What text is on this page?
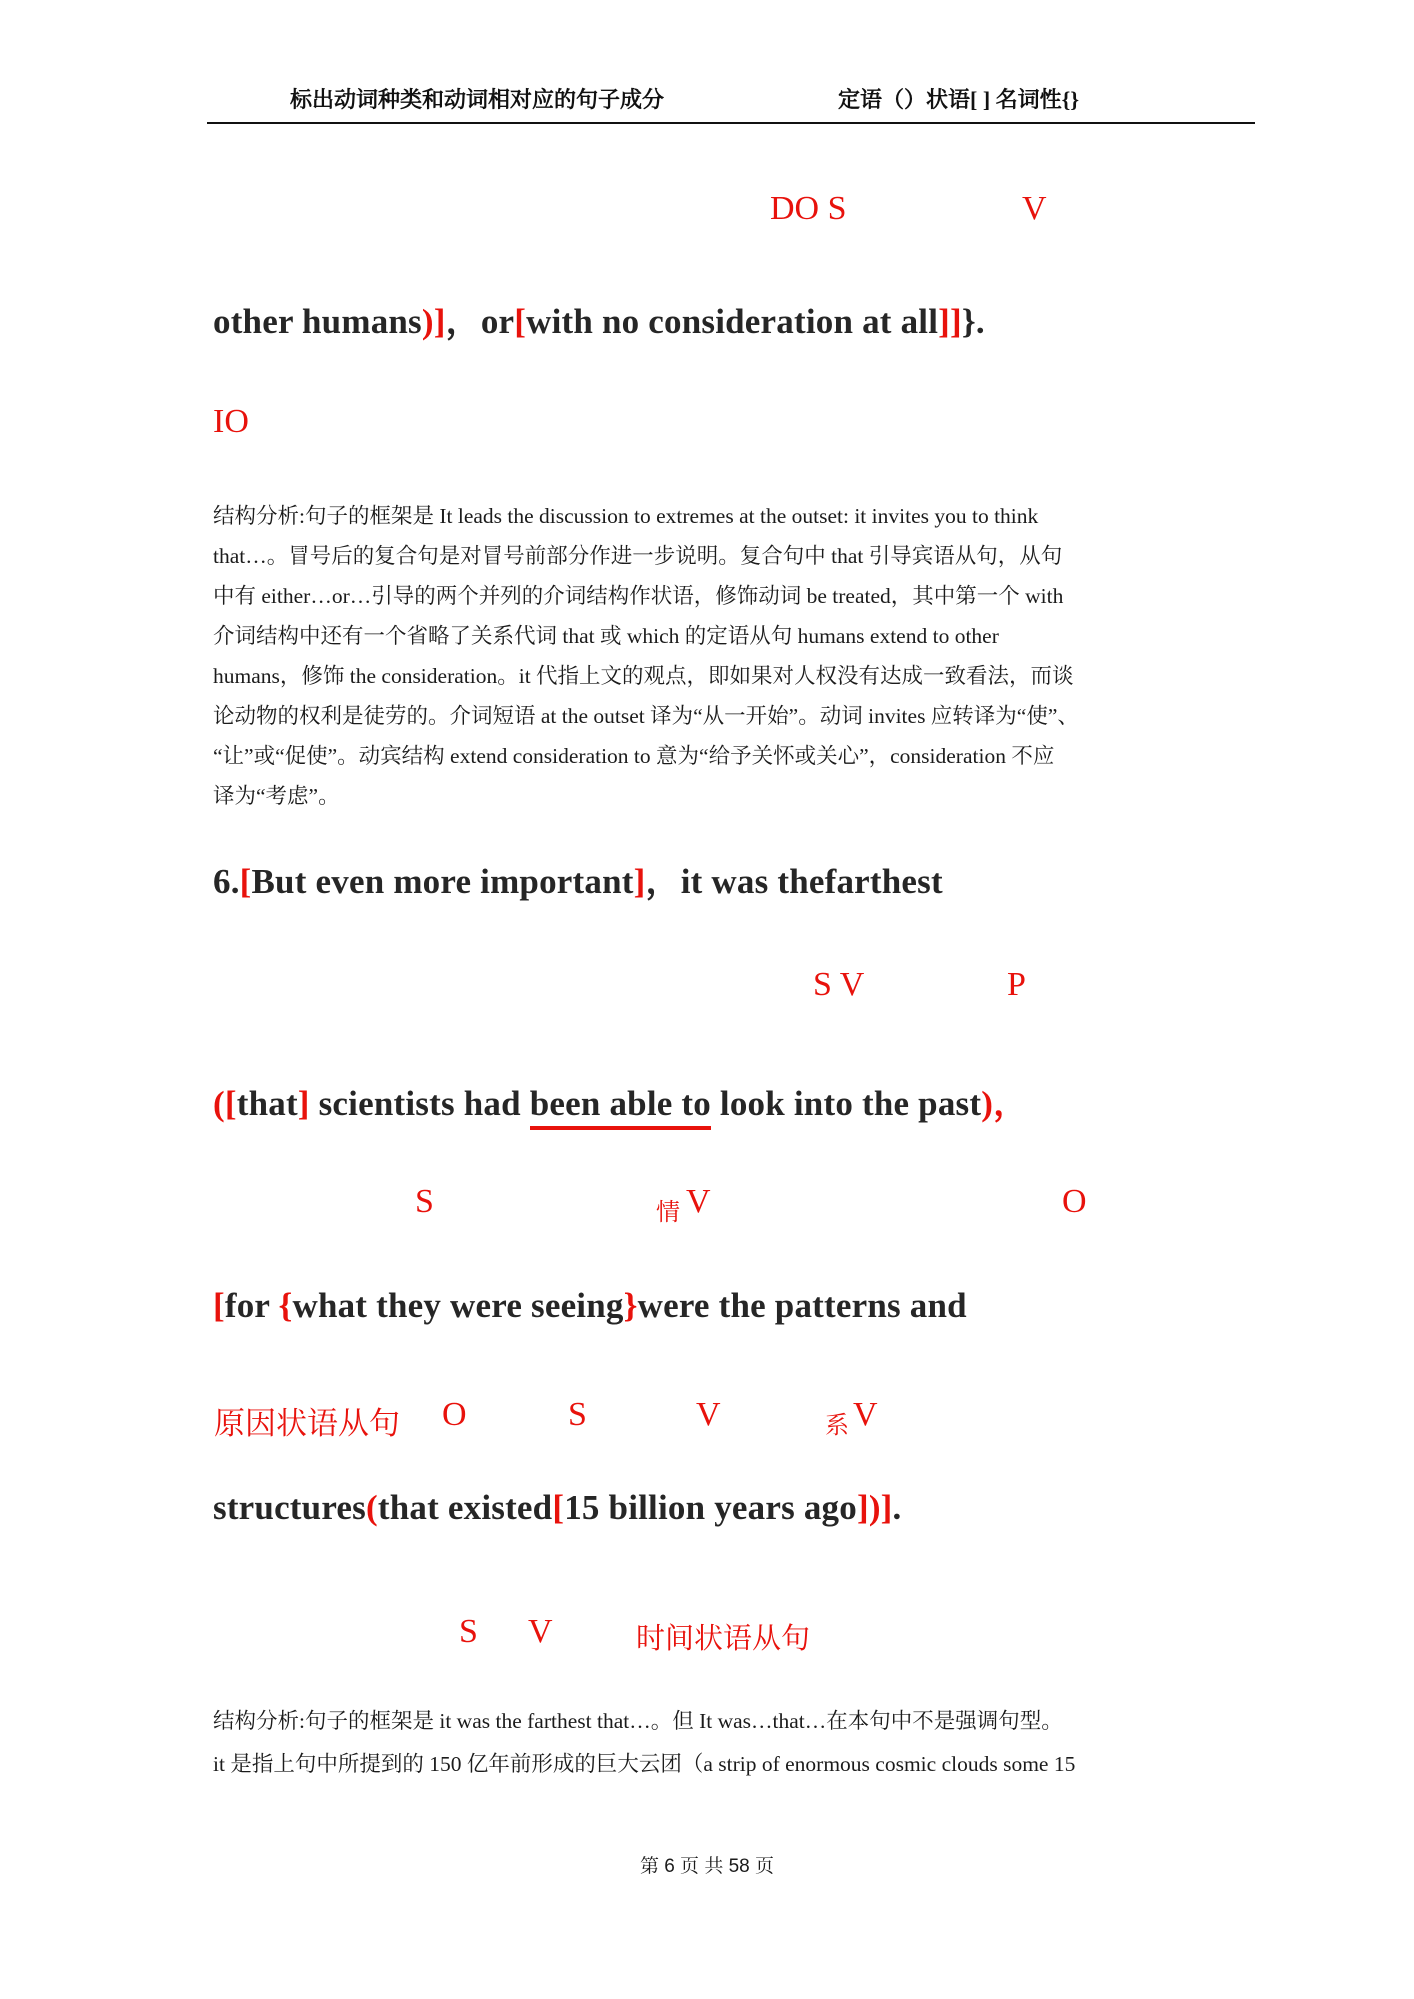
标出动词种类和动词相对应的句子成分	定语（）状语[ ] 名词性{}
DO S	V
other humans)]，or[with no consideration at all]]}.
IO
结构分析:句子的框架是 It leads the discussion to extremes at the outset: it invites you to think
that…。冒号后的复合句是对冒号前部分作进一步说明。复合句中 that 引导宾语从句，从句
中有 either…or…引导的两个并列的介词结构作状语，修饰动词 be treated，其中第一个 with
介词结构中还有一个省略了关系代词 that 或 which 的定语从句 humans extend to other
humans，修饰 the consideration。it 代指上文的观点，即如果对人权没有达成一致看法，而谈
论动物的权利是徒劳的。介词短语 at the outset 译为“从一开始”。动词 invites 应转译为“使”、
“让”或“促使”。动宾结构 extend consideration to 意为“给予关怀或关心”，consideration 不应
译为“考虑”。
6.[But even more important]，it was thefarthest
S V	P
([that] scientists had been able to look into the past)，
S	情 V	O
[for {what they were seeing}were the patterns and
原因状语从句 O	S	V	系 V
structures(that existed[15 billion years ago])].
S V	时间状语从句
结构分析:句子的框架是 it was the farthest that…。但 It was…that…在本句中不是强调句型。
it 是指上句中所提到的 150 亿年前形成的巨大云团（a strip of enormous cosmic clouds some 15
第 6 页 共 58 页
